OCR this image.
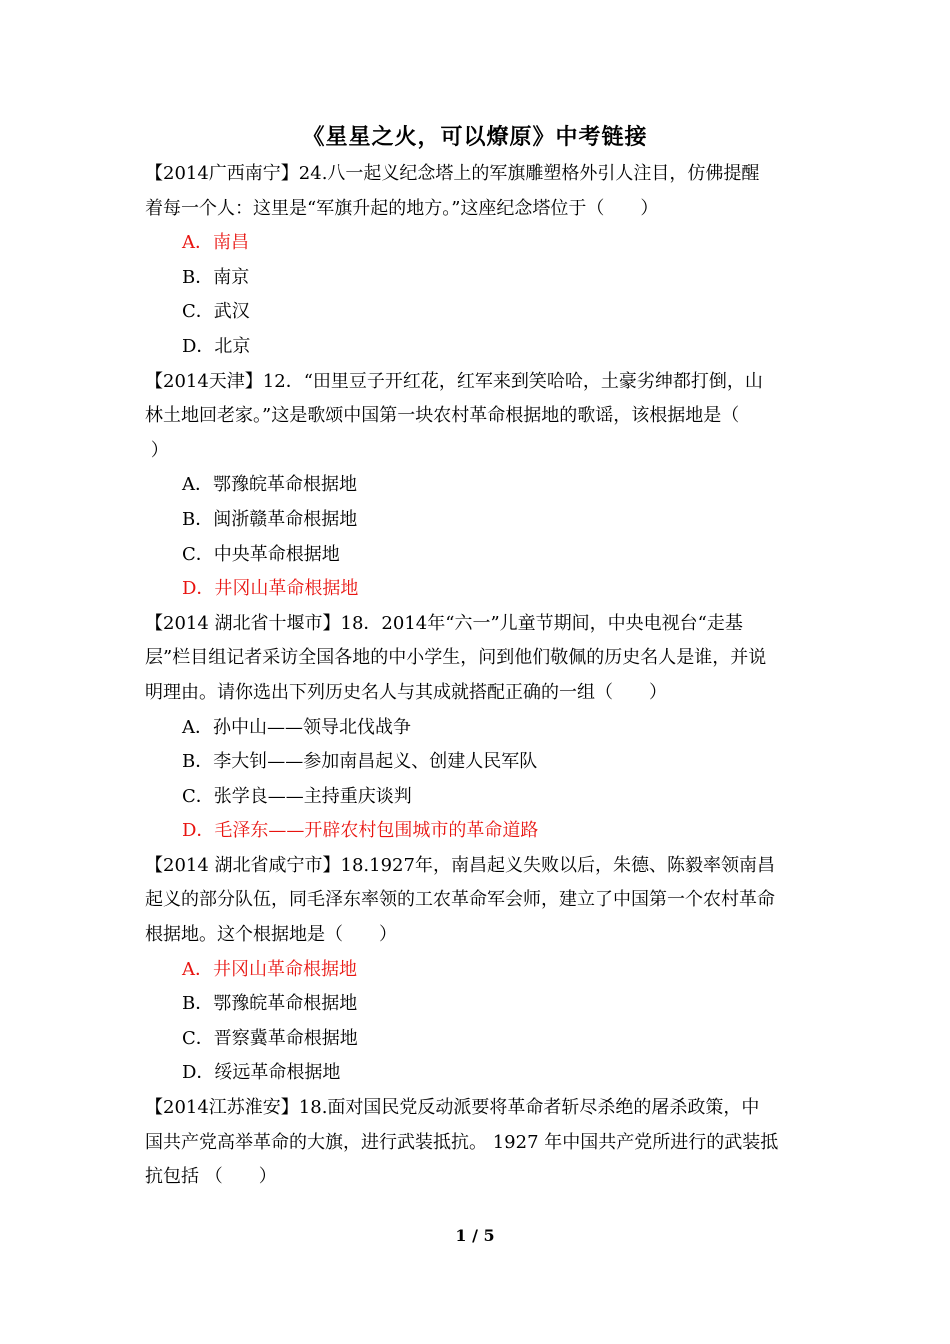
《星星之火，可以燎原》中考链接
【2014广西南宁】24.八一起义纪念塔上的军旗雕塑格外引人注目，仿佛提醒
着每一个人：这里是“军旗升起的地方。”这座纪念塔位于（　　）
A．南昌
B．南京
C．武汉
D．北京
【2014天津】12．“田里豆子开红花，红军来到笑哈哈，土豪劣绅都打倒，山
林土地回老家。”这是歌颂中国第一块农村革命根据地的歌谣，该根据地是（
）
A．鄂豫皖革命根据地
B．闽浙赣革命根据地
C．中央革命根据地
D．井冈山革命根据地
【2014 湖北省十堰市】18．2014年“六一”儿童节期间，中央电视台“走基
层”栏目组记者采访全国各地的中小学生，问到他们敬佩的历史名人是谁，并说
明理由。请你选出下列历史名人与其成就搭配正确的一组（　　）
A．孙中山——领导北伐战争
B．李大钊——参加南昌起义、创建人民军队
C．张学良——主持重庆谈判
D．毛泽东——开辟农村包围城市的革命道路
【2014 湖北省咸宁市】18.1927年，南昌起义失败以后，朱德、陈毅率领南昌
起义的部分队伍，同毛泽东率领的工农革命军会师，建立了中国第一个农村革命
根据地。这个根据地是（　　）
A．井冈山革命根据地
B．鄂豫皖革命根据地
C．晋察冀革命根据地
D．绥远革命根据地
【2014江苏淮安】18.面对国民党反动派要将革命者斩尽杀绝的屠杀政策，中
国共产党高举革命的大旗，进行武装抵抗。 1927 年中国共产党所进行的武装抵
抗包括 （　　）
1 / 5
